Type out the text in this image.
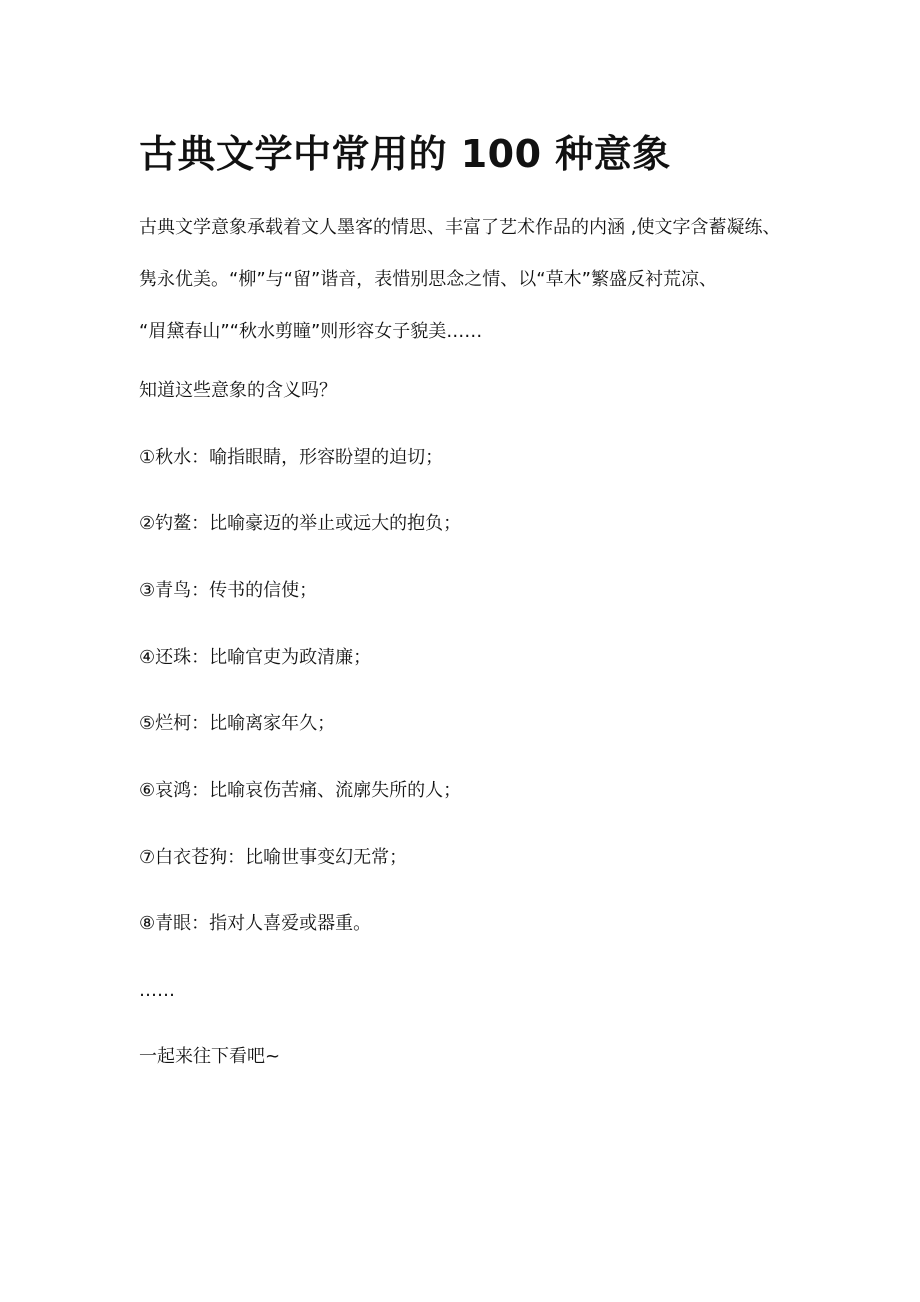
古典文学中常用的 100 种意象

古典文学意象承载着文人墨客的情思、丰富了艺术作品的内涵 ,使文字含蓄凝练、
隽永优美。“柳”与“留”谐音，表惜别思念之情、以“草木”繁盛反衬荒凉、
“眉黛春山”“秋水剪瞳”则形容女子貌美……

知道这些意象的含义吗？

①秋水：喻指眼睛，形容盼望的迫切；

②钓鳌：比喻豪迈的举止或远大的抱负；

③青鸟：传书的信使；

④还珠：比喻官吏为政清廉；

⑤烂柯：比喻离家年久；

⑥哀鸿：比喻哀伤苦痛、流廓失所的人；

⑦白衣苍狗：比喻世事变幻无常；

⑧青眼：指对人喜爱或器重。

……

一起来往下看吧~
